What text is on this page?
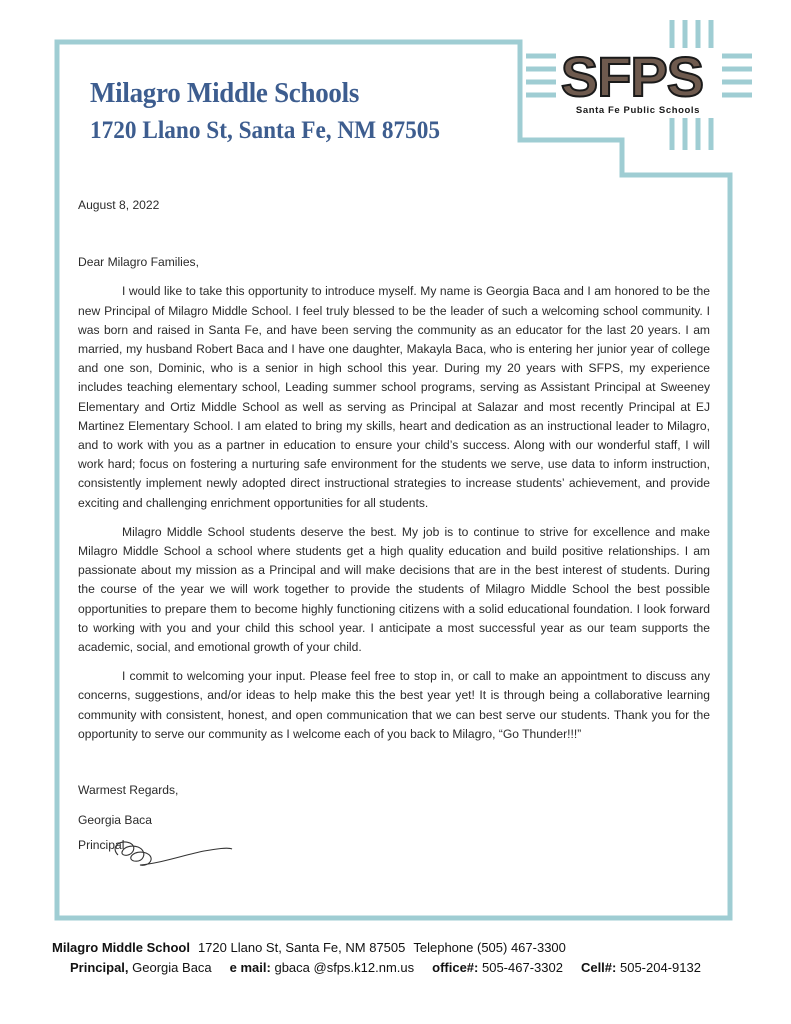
Milagro Middle Schools
1720 Llano St, Santa Fe, NM 87505
SFPS
Santa Fe Public Schools

August 8, 2022

Dear Milagro Families,

I would like to take this opportunity to introduce myself. My name is Georgia Baca and I am honored to be the new Principal of Milagro Middle School. I feel truly blessed to be the leader of such a welcoming school community. I was born and raised in Santa Fe, and have been serving the community as an educator for the last 20 years. I am married, my husband Robert Baca and I have one daughter, Makayla Baca, who is entering her junior year of college and one son, Dominic, who is a senior in high school this year. During my 20 years with SFPS, my experience includes teaching elementary school, Leading summer school programs, serving as Assistant Principal at Sweeney Elementary and Ortiz Middle School as well as serving as Principal at Salazar and most recently Principal at EJ Martinez Elementary School. I am elated to bring my skills, heart and dedication as an instructional leader to Milagro, and to work with you as a partner in education to ensure your child’s success. Along with our wonderful staff, I will work hard; focus on fostering a nurturing safe environment for the students we serve, use data to inform instruction, consistently implement newly adopted direct instructional strategies to increase students’ achievement, and provide exciting and challenging enrichment opportunities for all students.

Milagro Middle School students deserve the best. My job is to continue to strive for excellence and make Milagro Middle School a school where students get a high quality education and build positive relationships. I am passionate about my mission as a Principal and will make decisions that are in the best interest of students. During the course of the year we will work together to provide the students of Milagro Middle School the best possible opportunities to prepare them to become highly functioning citizens with a solid educational foundation. I look forward to working with you and your child this school year. I anticipate a most successful year as our team supports the academic, social, and emotional growth of your child.

I commit to welcoming your input. Please feel free to stop in, or call to make an appointment to discuss any concerns, suggestions, and/or ideas to help make this the best year yet! It is through being a collaborative learning community with consistent, honest, and open communication that we can best serve our students. Thank you for the opportunity to serve our community as I welcome each of you back to Milagro, “Go Thunder!!!”

Warmest Regards,

Georgia Baca

Principal

Milagro Middle School 1720 Llano St, Santa Fe, NM 87505 Telephone (505) 467-3300
Principal, Georgia Baca e mail: gbaca @sfps.k12.nm.us office#: 505-467-3302 Cell#: 505-204-9132
